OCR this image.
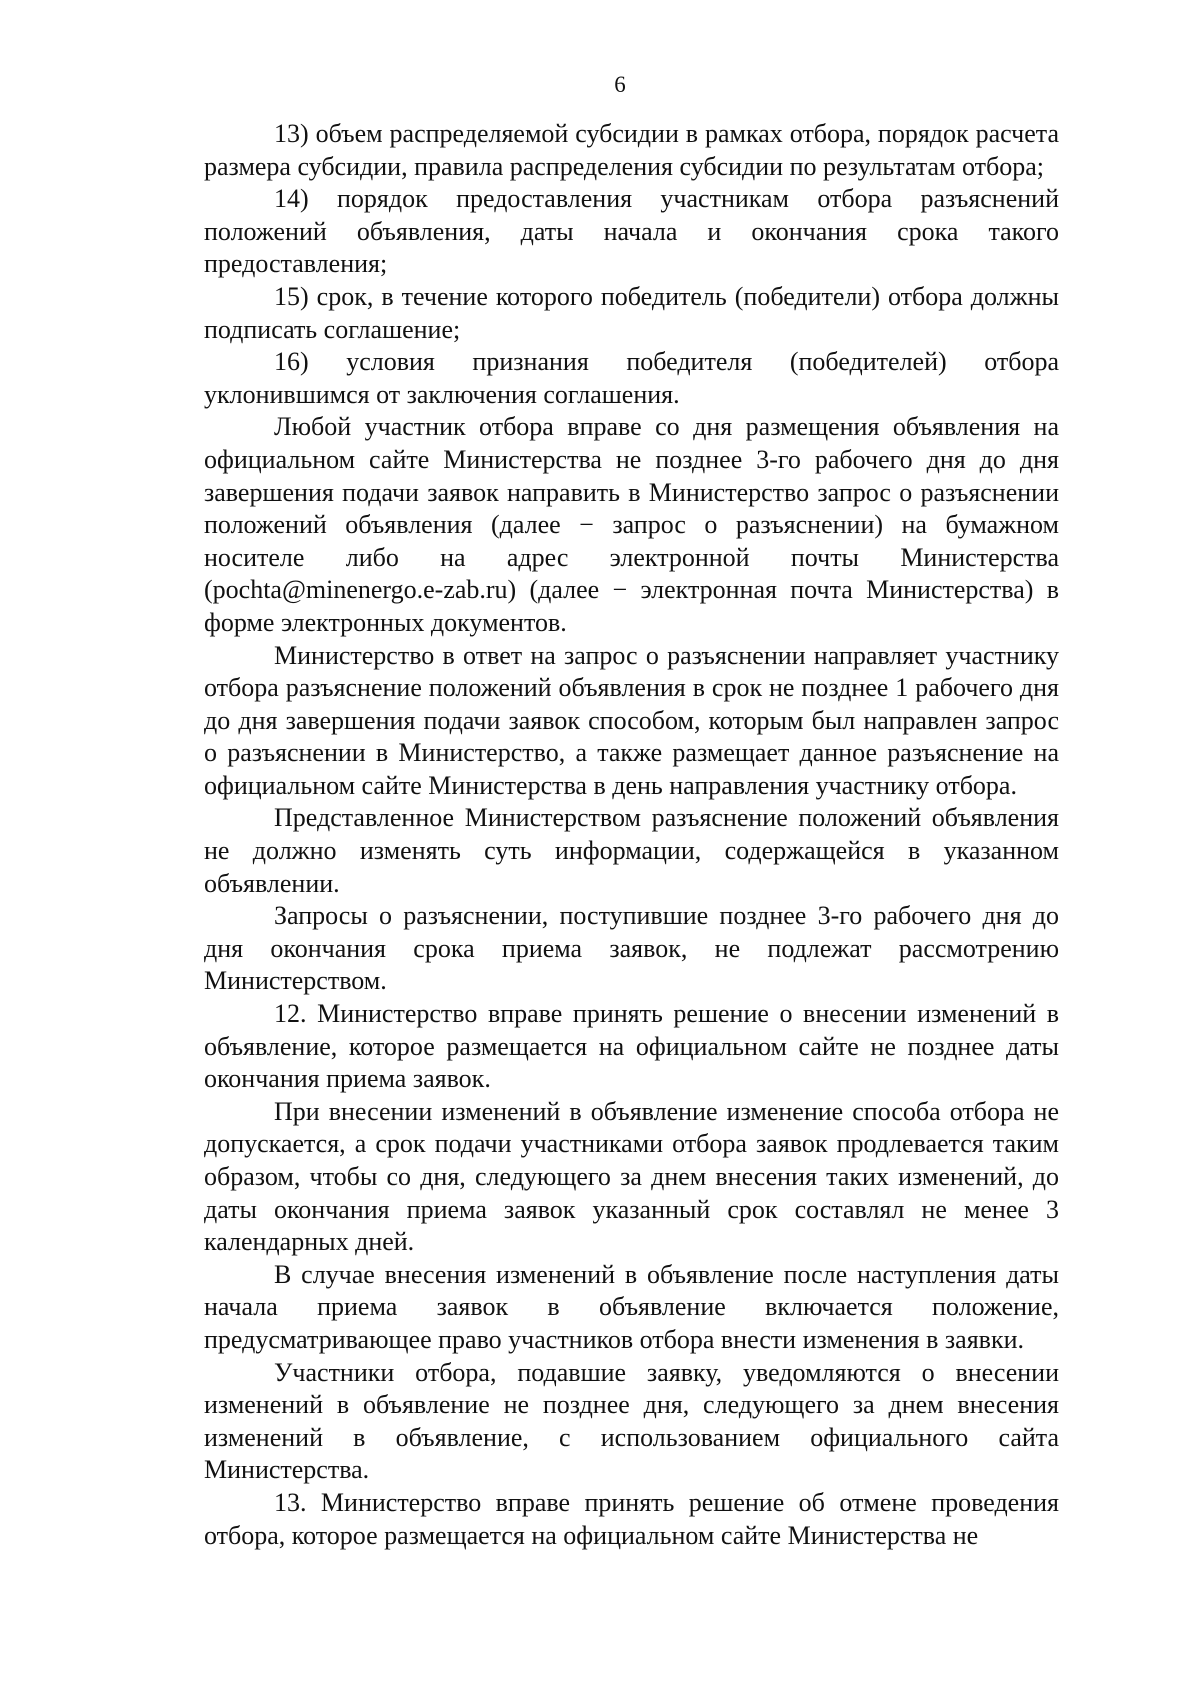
6

13) объем распределяемой субсидии в рамках отбора, порядок расчета размера субсидии, правила распределения субсидии по результатам отбора;

14) порядок предоставления участникам отбора разъяснений положений объявления, даты начала и окончания срока такого предоставления;

15) срок, в течение которого победитель (победители) отбора должны подписать соглашение;

16) условия признания победителя (победителей) отбора уклонившимся от заключения соглашения.

Любой участник отбора вправе со дня размещения объявления на официальном сайте Министерства не позднее 3-го рабочего дня до дня завершения подачи заявок направить в Министерство запрос о разъяснении положений объявления (далее − запрос о разъяснении) на бумажном носителе либо на адрес электронной почты Министерства (pochta@minenergo.e-zab.ru) (далее − электронная почта Министерства) в форме электронных документов.

Министерство в ответ на запрос о разъяснении направляет участнику отбора разъяснение положений объявления в срок не позднее 1 рабочего дня до дня завершения подачи заявок способом, которым был направлен запрос о разъяснении в Министерство, а также размещает данное разъяснение на официальном сайте Министерства в день направления участнику отбора.

Представленное Министерством разъяснение положений объявления не должно изменять суть информации, содержащейся в указанном объявлении.

Запросы о разъяснении, поступившие позднее 3-го рабочего дня до дня окончания срока приема заявок, не подлежат рассмотрению Министерством.

12. Министерство вправе принять решение о внесении изменений в объявление, которое размещается на официальном сайте не позднее даты окончания приема заявок.

При внесении изменений в объявление изменение способа отбора не допускается, а срок подачи участниками отбора заявок продлевается таким образом, чтобы со дня, следующего за днем внесения таких изменений, до даты окончания приема заявок указанный срок составлял не менее 3 календарных дней.

В случае внесения изменений в объявление после наступления даты начала приема заявок в объявление включается положение, предусматривающее право участников отбора внести изменения в заявки.

Участники отбора, подавшие заявку, уведомляются о внесении изменений в объявление не позднее дня, следующего за днем внесения изменений в объявление, с использованием официального сайта Министерства.

13. Министерство вправе принять решение об отмене проведения отбора, которое размещается на официальном сайте Министерства не
